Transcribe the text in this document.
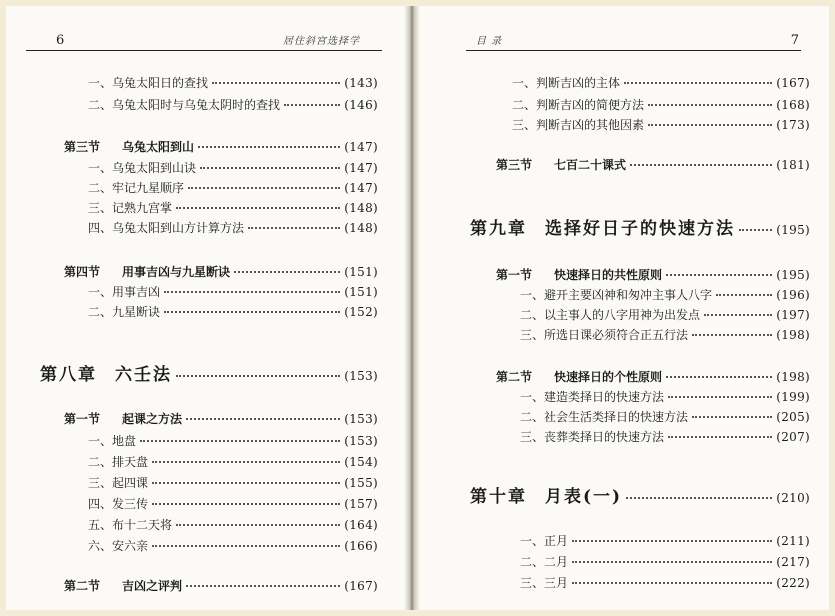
6	居住斜宫选择学
一、乌兔太阳日的查找	(143)
二、乌兔太阳时与乌兔太阴时的查找	(146)
第三节 乌兔太阳到山	(147)
一、乌兔太阳到山诀	(147)
二、牢记九星顺序	(147)
三、记熟九宫掌	(148)
四、乌兔太阳到山方计算方法	(148)
第四节 用事吉凶与九星断诀	(151)
一、用事吉凶	(151)
二、九星断诀	(152)
第八章 六壬法	(153)
第一节 起课之方法	(153)
一、地盘	(153)
二、排天盘	(154)
三、起四课	(155)
四、发三传	(157)
五、布十二天将	(164)
六、安六亲	(166)
第二节 吉凶之评判	(167)
目 录	7
一、判断吉凶的主体	(167)
二、判断吉凶的简便方法	(168)
三、判断吉凶的其他因素	(173)
第三节 七百二十课式	(181)
第九章 选择好日子的快速方法	(195)
第一节 快速择日的共性原则	(195)
一、避开主要凶神和匆冲主事人八字	(196)
二、以主事人的八字用神为出发点	(197)
三、所选日课必须符合正五行法	(198)
第二节 快速择日的个性原则	(198)
一、建造类择日的快速方法	(199)
二、社会生活类择日的快速方法	(205)
三、丧葬类择日的快速方法	(207)
第十章 月表(一)	(210)
一、正月	(211)
二、二月	(217)
三、三月	(222)
